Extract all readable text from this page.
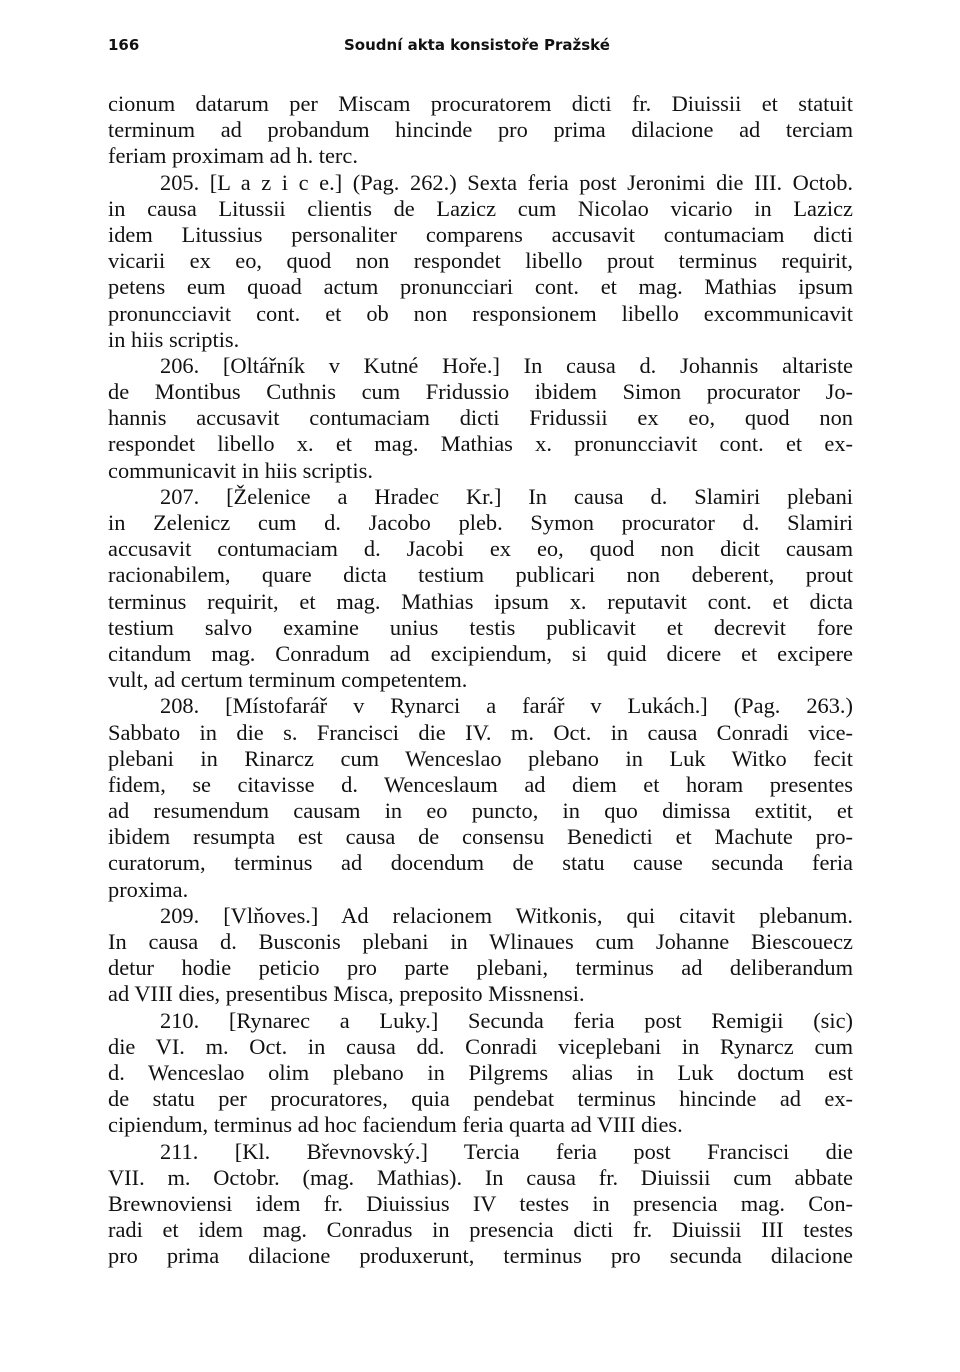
166	Soudní akta konsistoře Pražské
cionum datarum per Miscam procuratorem dicti fr. Diuissii et statuit
terminum ad probandum hincinde pro prima dilacione ad terciam
feriam proximam ad h. terc.
205. [L a z i c e.] (Pag. 262.) Sexta feria post Jeronimi die III. Octob.
in causa Litussii clientis de Lazicz cum Nicolao vicario in Lazicz
idem Litussius personaliter comparens accusavit contumaciam dicti
vicarii ex eo, quod non respondet libello prout terminus requirit,
petens eum quoad actum pronuncciari cont. et mag. Mathias ipsum
pronuncciavit cont. et ob non responsionem libello excommunicavit
in hiis scriptis.
206. [Oltářník v Kutné Hoře.] In causa d. Johannis altariste
de Montibus Cuthnis cum Fridussio ibidem Simon procurator Jo-
hannis accusavit contumaciam dicti Fridussii ex eo, quod non
respondet libello x. et mag. Mathias x. pronuncciavit cont. et ex-
communicavit in hiis scriptis.
207. [Želenice a Hradec Kr.] In causa d. Slamiri plebani
in Zelenicz cum d. Jacobo pleb. Symon procurator d. Slamiri
accusavit contumaciam d. Jacobi ex eo, quod non dicit causam
racionabilem, quare dicta testium publicari non deberent, prout
terminus requirit, et mag. Mathias ipsum x. reputavit cont. et dicta
testium salvo examine unius testis publicavit et decrevit fore
citandum mag. Conradum ad excipiendum, si quid dicere et excipere
vult, ad certum terminum competentem.
208. [Místofarář v Rynarci a farář v Lukách.] (Pag. 263.)
Sabbato in die s. Francisci die IV. m. Oct. in causa Conradi vice-
plebani in Rinarcz cum Wenceslao plebano in Luk Witko fecit
fidem, se citavisse d. Wenceslaum ad diem et horam presentes
ad resumendum causam in eo puncto, in quo dimissa extitit, et
ibidem resumpta est causa de consensu Benedicti et Machute pro-
curatorum, terminus ad docendum de statu cause secunda feria
proxima.
209. [Vlňoves.] Ad relacionem Witkonis, qui citavit plebanum.
In causa d. Busconis plebani in Wlinaues cum Johanne Biescouecz
detur hodie peticio pro parte plebani, terminus ad deliberandum
ad VIII dies, presentibus Misca, preposito Missnensi.
210. [Rynarec a Luky.] Secunda feria post Remigii (sic)
die VI. m. Oct. in causa dd. Conradi viceplebani in Rynarcz cum
d. Wenceslao olim plebano in Pilgrems alias in Luk doctum est
de statu per procuratores, quia pendebat terminus hincinde ad ex-
cipiendum, terminus ad hoc faciendum feria quarta ad VIII dies.
211. [Kl. Břevnovský.] Tercia feria post Francisci die
VII. m. Octobr. (mag. Mathias). In causa fr. Diuissii cum abbate
Brewnoviensi idem fr. Diuissius IV testes in presencia mag. Con-
radi et idem mag. Conradus in presencia dicti fr. Diuissii III testes
pro prima dilacione produxerunt, terminus pro secunda dilacione
